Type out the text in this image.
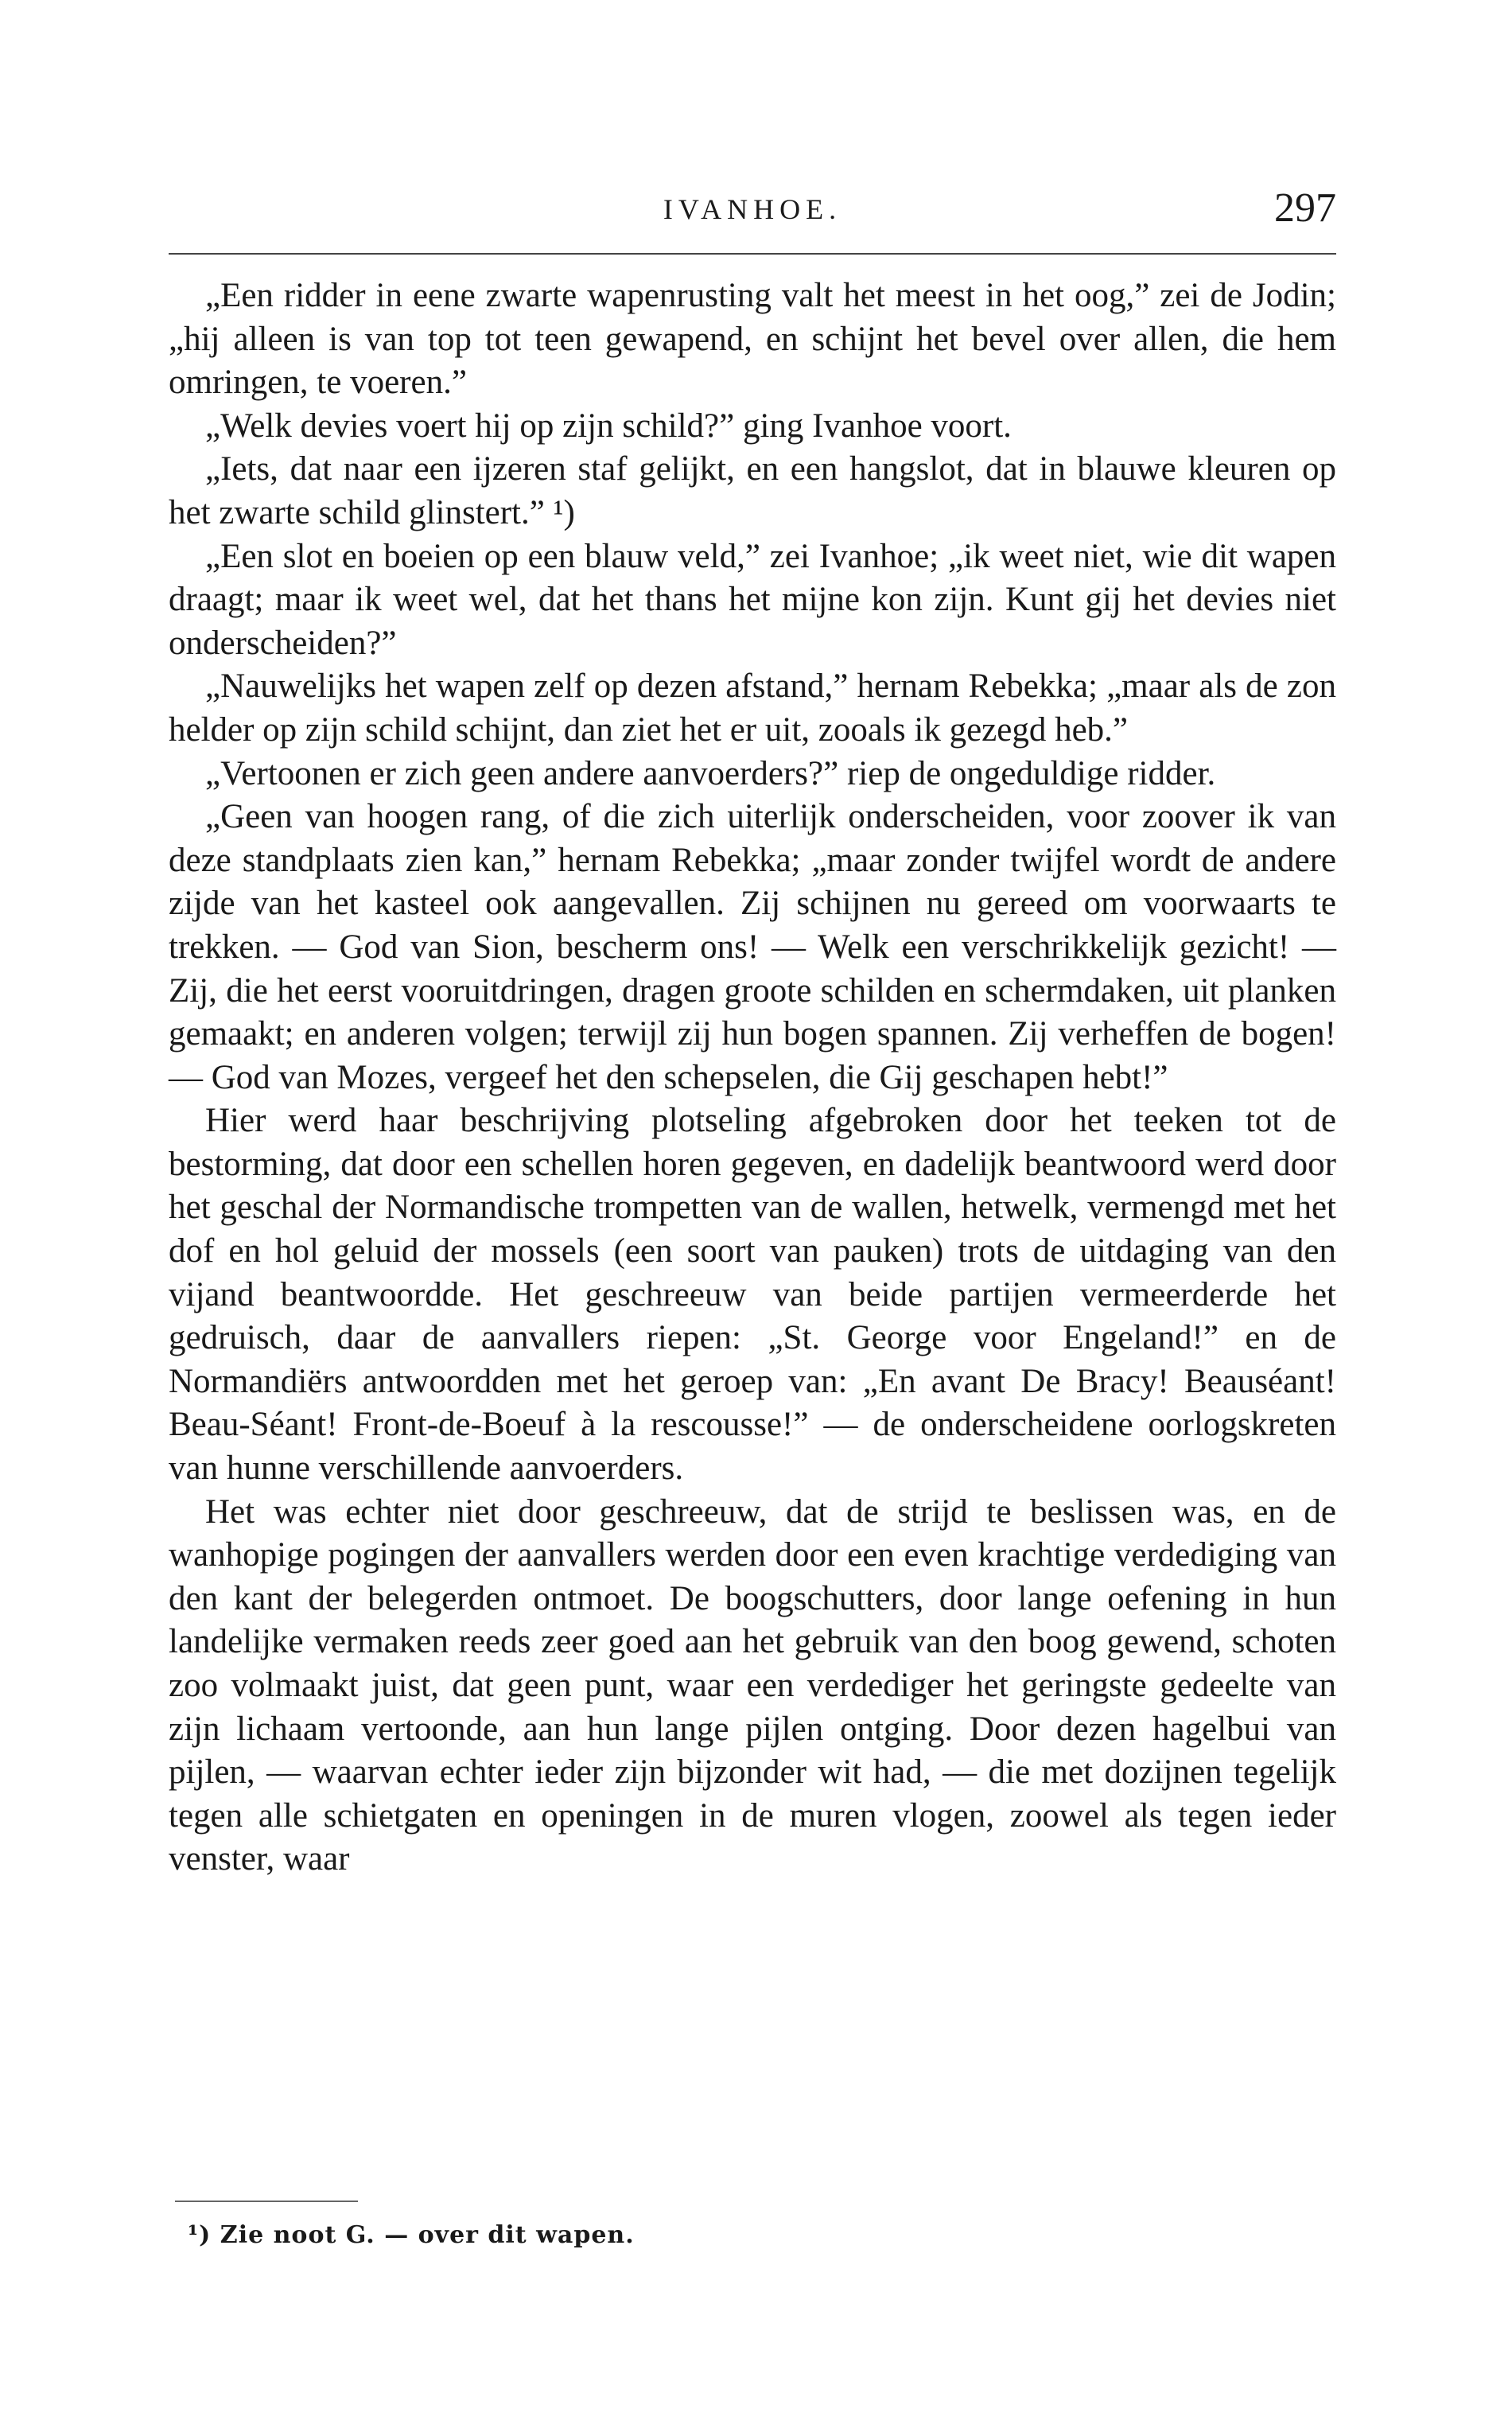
IVANHOE.	297

„Een ridder in eene zwarte wapenrusting valt het meest in het oog,” zei de Jodin; „hij alleen is van top tot teen gewapend, en schijnt het bevel over allen, die hem omringen, te voeren.”

„Welk devies voert hij op zijn schild?” ging Ivanhoe voort.

„Iets, dat naar een ijzeren staf gelijkt, en een hangslot, dat in blauwe kleuren op het zwarte schild glinstert.” ¹)

„Een slot en boeien op een blauw veld,” zei Ivanhoe; „ik weet niet, wie dit wapen draagt; maar ik weet wel, dat het thans het mijne kon zijn. Kunt gij het devies niet onderscheiden?”

„Nauwelijks het wapen zelf op dezen afstand,” hernam Rebekka; „maar als de zon helder op zijn schild schijnt, dan ziet het er uit, zooals ik gezegd heb.”

„Vertoonen er zich geen andere aanvoerders?” riep de ongeduldige ridder.

„Geen van hoogen rang, of die zich uiterlijk onderscheiden, voor zoover ik van deze standplaats zien kan,” hernam Rebekka; „maar zonder twijfel wordt de andere zijde van het kasteel ook aangevallen. Zij schijnen nu gereed om voorwaarts te trekken. — God van Sion, bescherm ons! — Welk een verschrikkelijk gezicht! — Zij, die het eerst vooruitdringen, dragen groote schilden en schermdaken, uit planken gemaakt; en anderen volgen; terwijl zij hun bogen spannen. Zij verheffen de bogen! — God van Mozes, vergeef het den schepselen, die Gij geschapen hebt!”

Hier werd haar beschrijving plotseling afgebroken door het teeken tot de bestorming, dat door een schellen horen gegeven, en dadelijk beantwoord werd door het geschal der Normandische trompetten van de wallen, hetwelk, vermengd met het dof en hol geluid der mossels (een soort van pauken) trots de uitdaging van den vijand beantwoordde. Het geschreeuw van beide partijen vermeerderde het gedruisch, daar de aanvallers riepen: „St. George voor Engeland!” en de Normandiërs antwoordden met het geroep van: „En avant De Bracy! Beauséant! Beau-Séant! Front-de-Boeuf à la rescousse!” — de onderscheidene oorlogskreten van hunne verschillende aanvoerders.

Het was echter niet door geschreeuw, dat de strijd te beslissen was, en de wanhopige pogingen der aanvallers werden door een even krachtige verdediging van den kant der belegerden ontmoet. De boogschutters, door lange oefening in hun landelijke vermaken reeds zeer goed aan het gebruik van den boog gewend, schoten zoo volmaakt juist, dat geen punt, waar een verdediger het geringste gedeelte van zijn lichaam vertoonde, aan hun lange pijlen ontging. Door dezen hagelbui van pijlen, — waarvan echter ieder zijn bijzonder wit had, — die met dozijnen tegelijk tegen alle schietgaten en openingen in de muren vlogen, zoowel als tegen ieder venster, waar

¹) Zie noot G. — over dit wapen.
